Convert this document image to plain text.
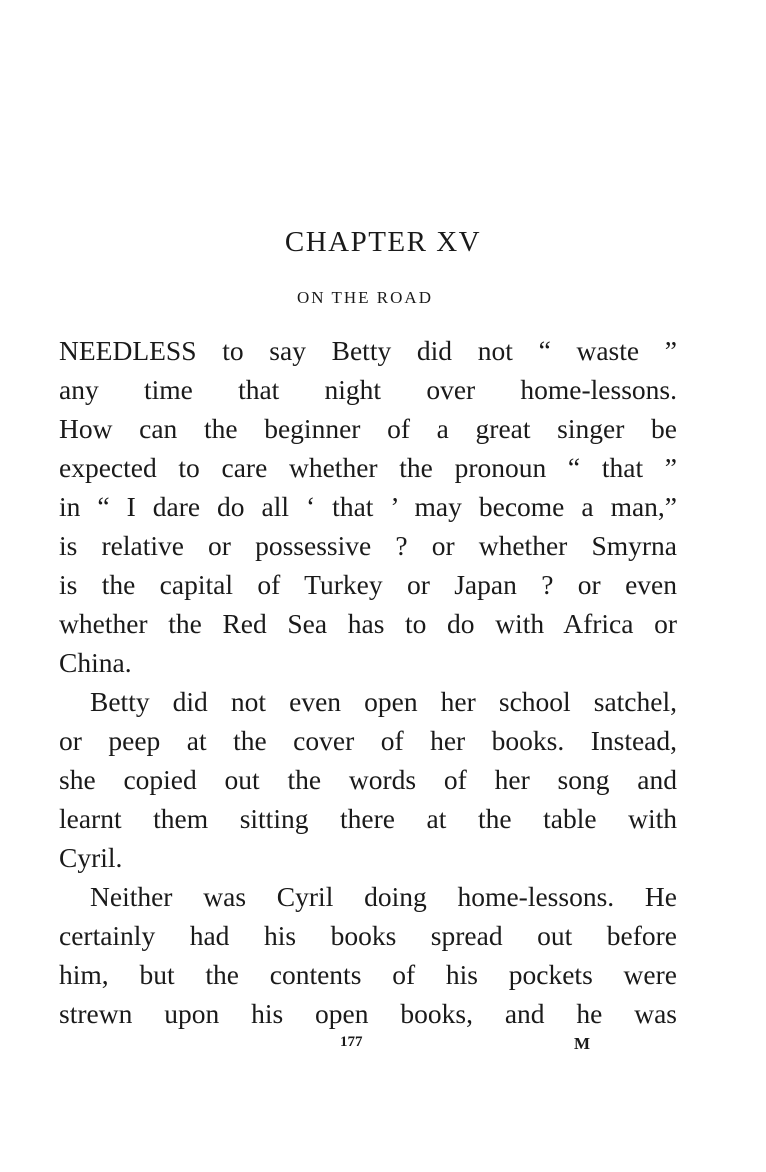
CHAPTER XV
ON THE ROAD
NEEDLESS to say Betty did not “ waste ”
any time that night over home-lessons.
How can the beginner of a great singer be
expected to care whether the pronoun “ that ”
in “ I dare do all ‘ that ’ may become a man,”
is relative or possessive ? or whether Smyrna
is the capital of Turkey or Japan ? or even
whether the Red Sea has to do with Africa or
China.
Betty did not even open her school satchel,
or peep at the cover of her books. Instead,
she copied out the words of her song and
learnt them sitting there at the table with
Cyril.
Neither was Cyril doing home-lessons. He
certainly had his books spread out before
him, but the contents of his pockets were
strewn upon his open books, and he was
177	M
